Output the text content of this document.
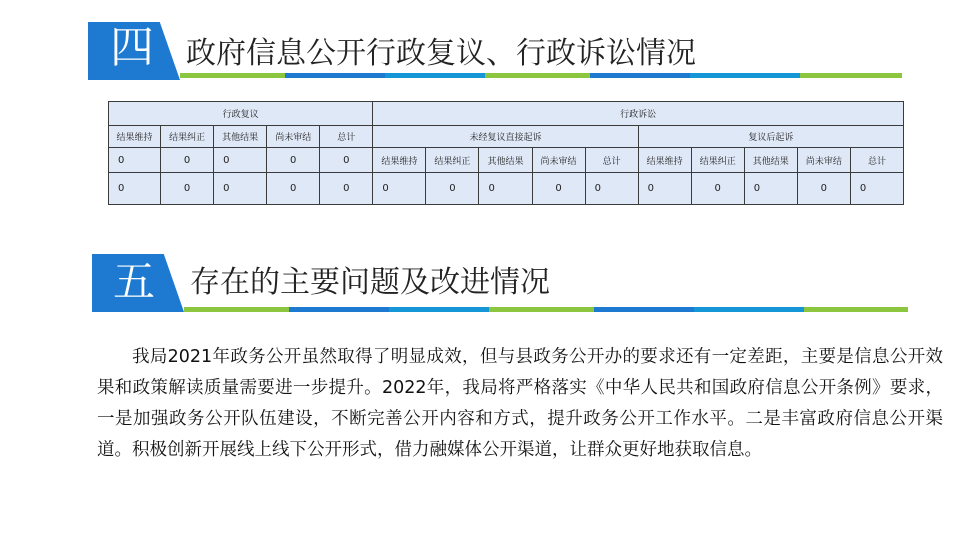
四	政府信息公开行政复议、行政诉讼情况
行政复议					行政诉讼									
结果维持	结果纠正	其他结果	尚未审结	总计	未经复议直接起诉					复议后起诉				
0	0	0	0	0	结果维持	结果纠正	其他结果	尚未审结	总计	结果维持	结果纠正	其他结果	尚未审结	总计
0	0	0	0	0	0	0	0	0	0	0	0	0	0	0
五	存在的主要问题及改进情况

我局2021年政务公开虽然取得了明显成效，但与县政务公开办的要求还有一定差距，主要是信息公开效果和政策解读质量需要进一步提升。2022年，我局将严格落实《中华人民共和国政府信息公开条例》要求，一是加强政务公开队伍建设，不断完善公开内容和方式，提升政务公开工作水平。二是丰富政府信息公开渠道。积极创新开展线上线下公开形式，借力融媒体公开渠道，让群众更好地获取信息。
